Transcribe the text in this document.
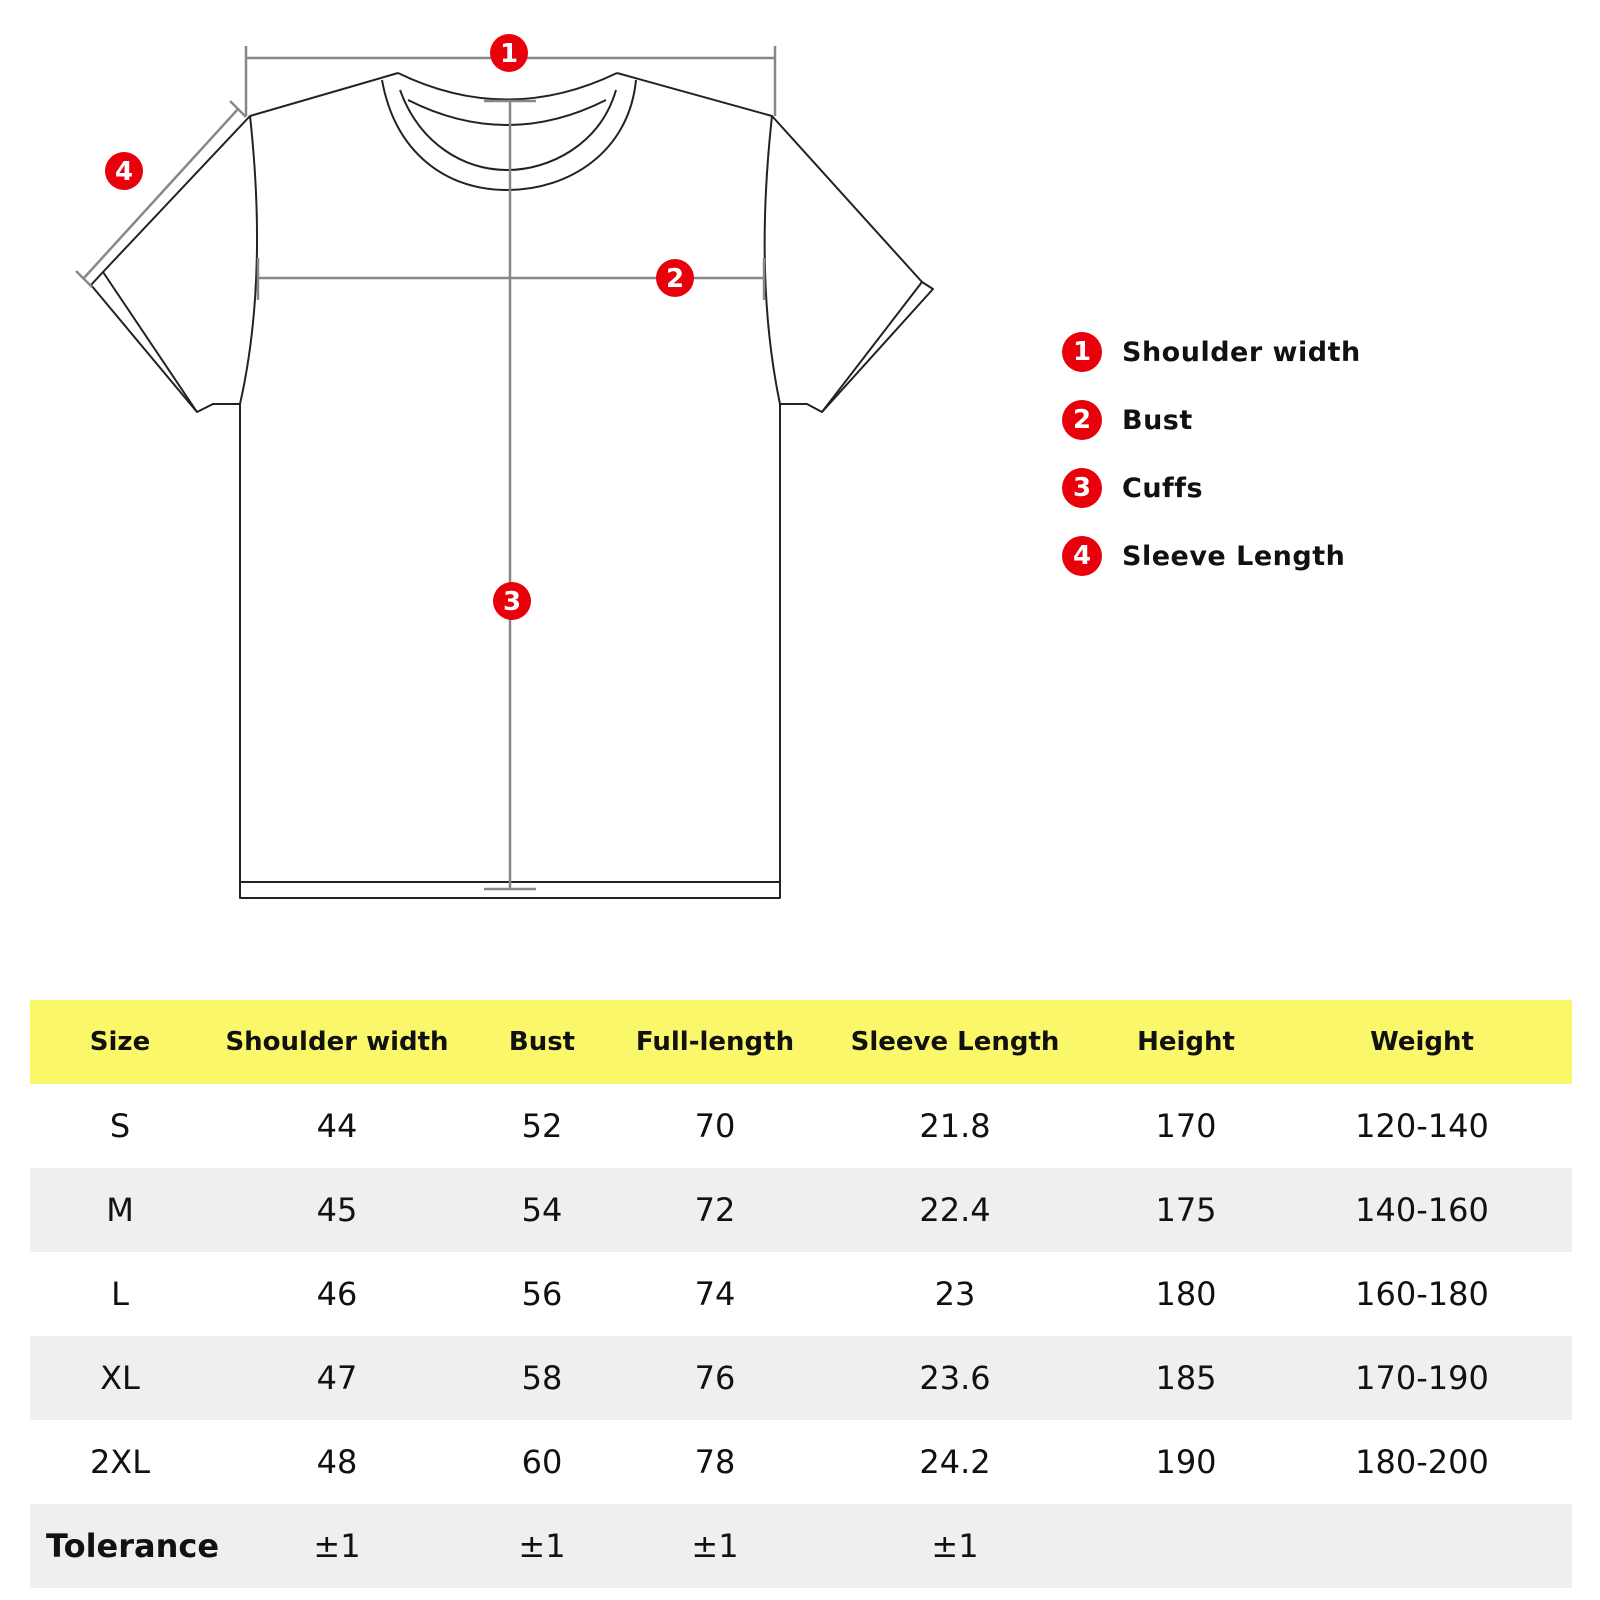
1
2
3
4
1	Shoulder width
2	Bust
3	Cuffs
4	Sleeve Length
Size	Shoulder width	Bust	Full-length	Sleeve Length	Height	Weight
S	44	52	70	21.8	170	120-140
M	45	54	72	22.4	175	140-160
L	46	56	74	23	180	160-180
XL	47	58	76	23.6	185	170-190
2XL	48	60	78	24.2	190	180-200
Tolerance	±1	±1	±1	±1		
